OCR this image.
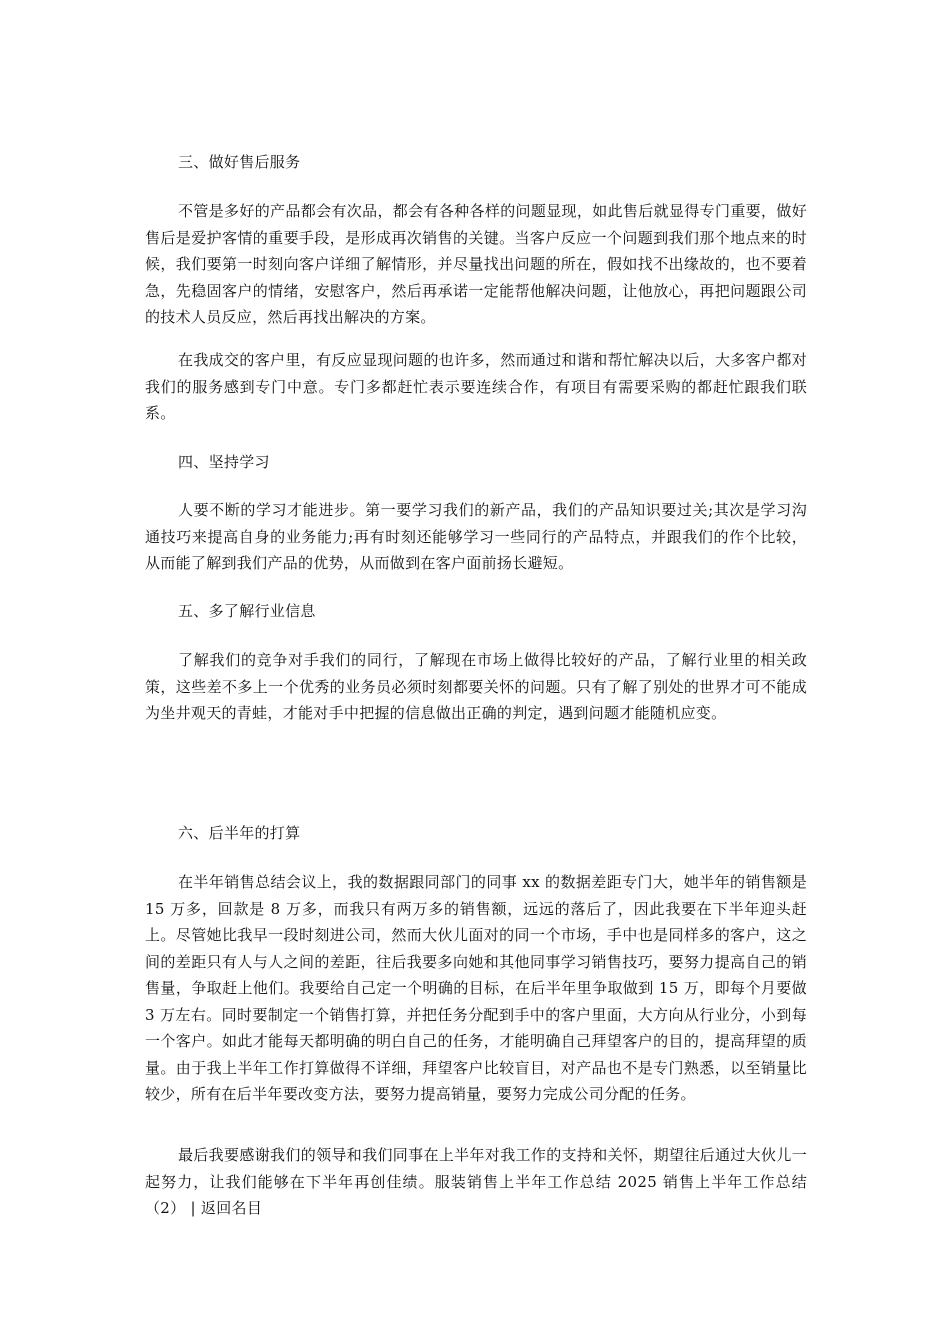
三、做好售后服务
不管是多好的产品都会有次品，都会有各种各样的问题显现，如此售后就显得专门重要，做好售后是爱护客情的重要手段，是形成再次销售的关键。当客户反应一个问题到我们那个地点来的时候，我们要第一时刻向客户详细了解情形，并尽量找出问题的所在，假如找不出缘故的，也不要着急，先稳固客户的情绪，安慰客户，然后再承诺一定能帮他解决问题，让他放心，再把问题跟公司的技术人员反应，然后再找出解决的方案。
在我成交的客户里，有反应显现问题的也许多，然而通过和谐和帮忙解决以后，大多客户都对我们的服务感到专门中意。专门多都赶忙表示要连续合作，有项目有需要采购的都赶忙跟我们联系。
四、坚持学习
人要不断的学习才能进步。第一要学习我们的新产品，我们的产品知识要过关;其次是学习沟通技巧来提高自身的业务能力;再有时刻还能够学习一些同行的产品特点，并跟我们的作个比较，从而能了解到我们产品的优势，从而做到在客户面前扬长避短。
五、多了解行业信息
了解我们的竞争对手我们的同行，了解现在市场上做得比较好的产品，了解行业里的相关政策，这些差不多上一个优秀的业务员必须时刻都要关怀的问题。只有了解了别处的世界才可不能成为坐井观天的青蛙，才能对手中把握的信息做出正确的判定，遇到问题才能随机应变。
六、后半年的打算
在半年销售总结会议上，我的数据跟同部门的同事 xx 的数据差距专门大，她半年的销售额是 15 万多，回款是 8 万多，而我只有两万多的销售额，远远的落后了，因此我要在下半年迎头赶上。尽管她比我早一段时刻进公司，然而大伙儿面对的同一个市场，手中也是同样多的客户，这之间的差距只有人与人之间的差距，往后我要多向她和其他同事学习销售技巧，要努力提高自己的销售量，争取赶上他们。我要给自己定一个明确的目标，在后半年里争取做到 15 万，即每个月要做 3 万左右。同时要制定一个销售打算，并把任务分配到手中的客户里面，大方向从行业分，小到每一个客户。如此才能每天都明确的明白自己的任务，才能明确自己拜望客户的目的，提高拜望的质量。由于我上半年工作打算做得不详细，拜望客户比较盲目，对产品也不是专门熟悉，以至销量比较少，所有在后半年要改变方法，要努力提高销量，要努力完成公司分配的任务。
最后我要感谢我们的领导和我们同事在上半年对我工作的支持和关怀，期望往后通过大伙儿一起努力，让我们能够在下半年再创佳绩。服装销售上半年工作总结 2025 销售上半年工作总结（2） | 返回名目
